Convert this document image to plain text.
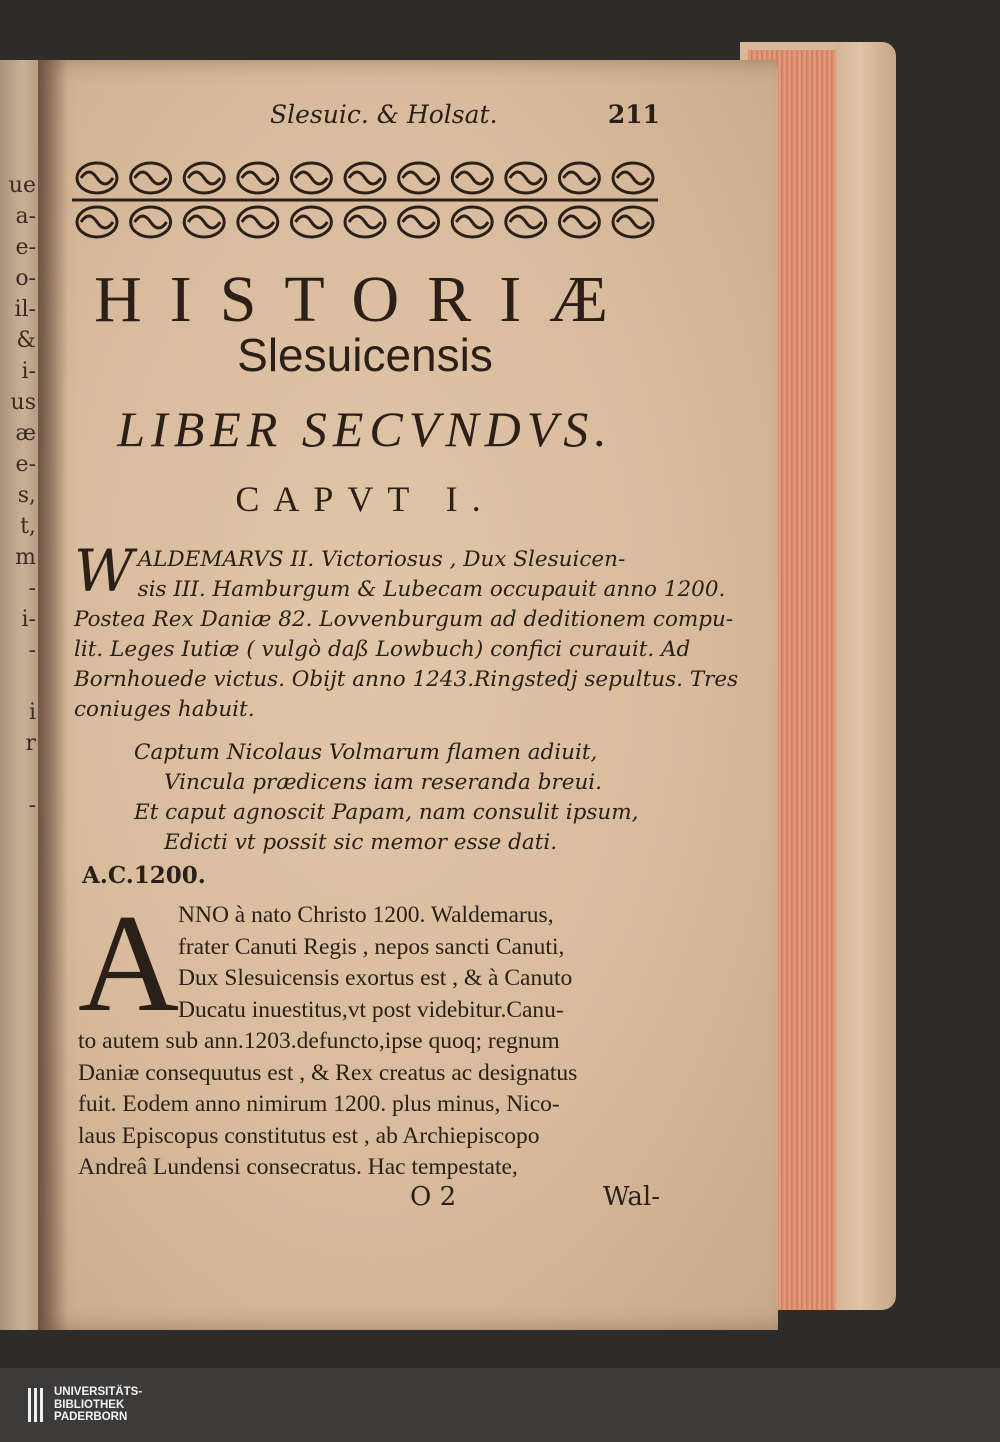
ue
a-
e-
o-
il-
&
i-
us
æ
e-
s,
t,
m
-
i-
-
i
r
-
Slesuic. & Holsat.	211
HISTORIÆ
Slesuicensis
LIBER SECVNDVS.
CAPVT I.
W ALDEMARVS II. Victoriosus , Dux Slesuicen-
sis III. Hamburgum & Lubecam occupauit anno 1200.
Postea Rex Daniæ 82. Lovvenburgum ad deditionem compu-
lit. Leges Iutiæ ( vulgò daß Lowbuch) confici curauit. Ad
Bornhouede victus. Obijt anno 1243.Ringstedj sepultus. Tres
coniuges habuit.
Captum Nicolaus Volmarum flamen adiuit,
Vincula prædicens iam reseranda breui.
Et caput agnoscit Papam, nam consulit ipsum,
Edicti vt possit sic memor esse dati.
A.C.1200.
A
NNO à nato Christo 1200. Waldemarus,
frater Canuti Regis , nepos sancti Canuti,
Dux Slesuicensis exortus est , & à Canuto
Ducatu inuestitus,vt post videbitur.Canu-
to autem sub ann.1203.defuncto,ipse quoq; regnum
Daniæ consequutus est , & Rex creatus ac designatus
fuit. Eodem anno nimirum 1200. plus minus, Nico-
laus Episcopus constitutus est , ab Archiepiscopo
Andreâ Lundensi consecratus. Hac tempestate,
O 2	Wal-
UNIVERSITÄTS-
BIBLIOTHEK
PADERBORN
